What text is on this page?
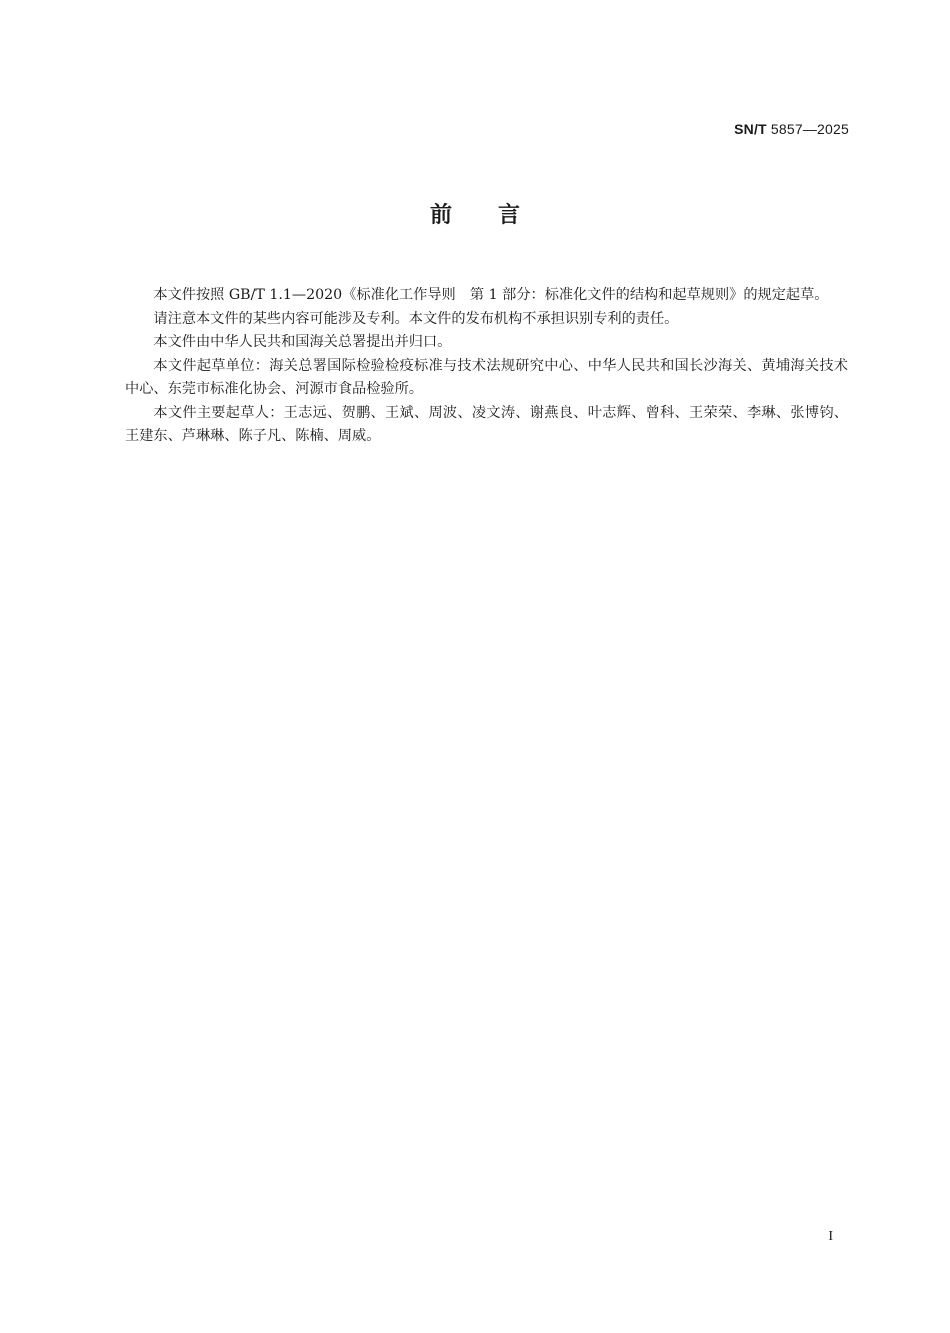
SN/T 5857—2025
前 言

本文件按照 GB/T 1.1—2020《标准化工作导则　第 1 部分：标准化文件的结构和起草规则》的规定起草。

请注意本文件的某些内容可能涉及专利。本文件的发布机构不承担识别专利的责任。

本文件由中华人民共和国海关总署提出并归口。

本文件起草单位：海关总署国际检验检疫标准与技术法规研究中心、中华人民共和国长沙海关、黄埔海关技术中心、东莞市标准化协会、河源市食品检验所。

本文件主要起草人：王志远、贺鹏、王斌、周波、凌文涛、谢燕良、叶志辉、曾科、王荣荣、李琳、张博钧、王建东、芦琳琳、陈子凡、陈楠、周威。

I
